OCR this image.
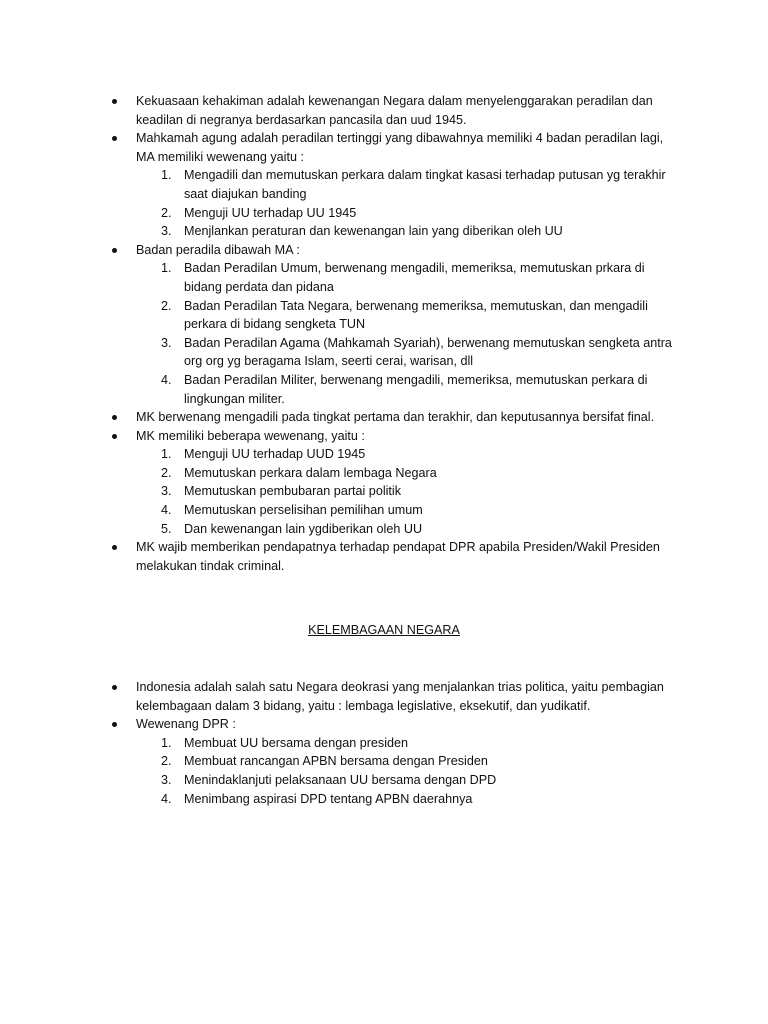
Kekuasaan kehakiman adalah kewenangan Negara dalam menyelenggarakan peradilan dan keadilan di negranya berdasarkan pancasila dan uud 1945.
Mahkamah agung adalah peradilan tertinggi yang dibawahnya memiliki 4 badan peradilan lagi, MA memiliki wewenang yaitu :
1. Mengadili dan memutuskan perkara dalam tingkat kasasi terhadap putusan yg terakhir saat diajukan banding
2. Menguji UU terhadap UU 1945
3. Menjlankan peraturan dan kewenangan lain yang diberikan oleh UU
Badan peradila dibawah MA :
1. Badan Peradilan Umum, berwenang mengadili, memeriksa, memutuskan prkara di bidang perdata dan pidana
2. Badan Peradilan Tata Negara, berwenang memeriksa, memutuskan, dan mengadili perkara di bidang sengketa TUN
3. Badan Peradilan Agama (Mahkamah Syariah), berwenang memutuskan sengketa antra org org yg beragama Islam, seerti cerai, warisan, dll
4. Badan Peradilan Militer, berwenang mengadili, memeriksa, memutuskan perkara di lingkungan militer.
MK berwenang mengadili pada tingkat pertama dan terakhir, dan keputusannya bersifat final.
MK memiliki beberapa wewenang, yaitu :
1. Menguji UU terhadap UUD 1945
2. Memutuskan perkara dalam lembaga Negara
3. Memutuskan pembubaran partai politik
4. Memutuskan perselisihan pemilihan umum
5. Dan kewenangan lain ygdiberikan oleh UU
MK wajib memberikan pendapatnya terhadap pendapat DPR apabila Presiden/Wakil Presiden melakukan tindak criminal.
KELEMBAGAAN NEGARA
Indonesia adalah salah satu Negara deokrasi yang menjalankan trias politica, yaitu pembagian kelembagaan dalam 3 bidang, yaitu : lembaga legislative, eksekutif, dan yudikatif.
Wewenang DPR :
1. Membuat UU bersama dengan presiden
2. Membuat rancangan APBN bersama dengan Presiden
3. Menindaklanjuti pelaksanaan UU bersama dengan DPD
4. Menimbang aspirasi DPD tentang APBN daerahnya
